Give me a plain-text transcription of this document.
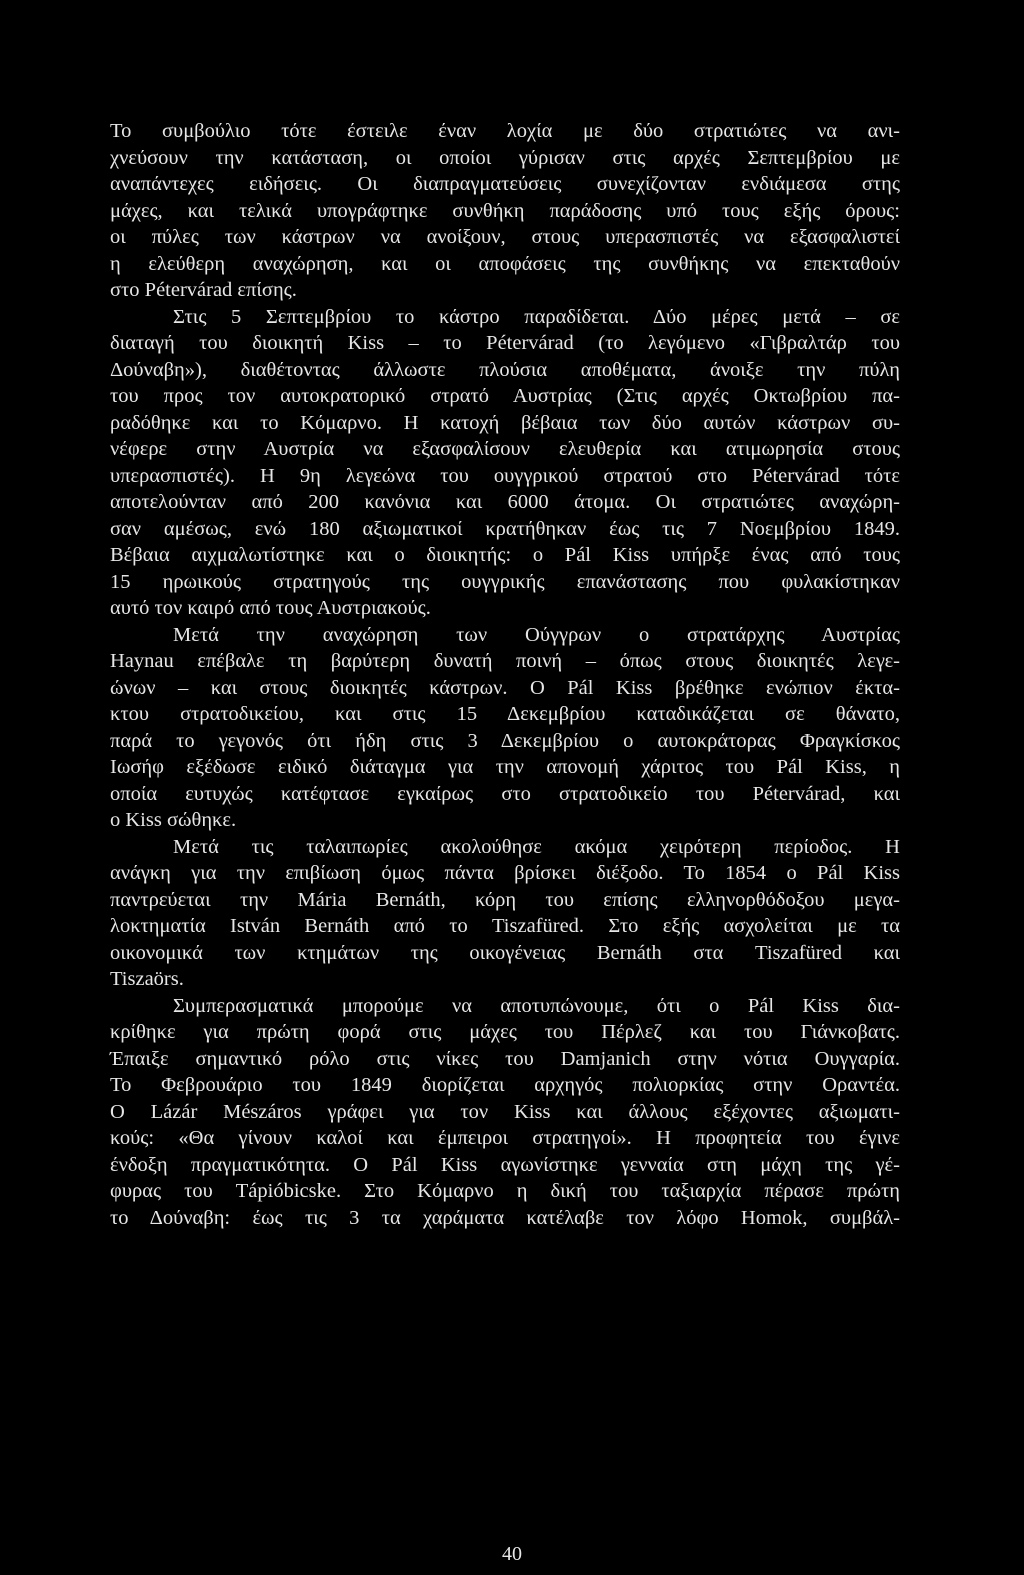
Το συμβούλιο τότε έστειλε έναν λοχία με δύο στρατιώτες να ανι-
χνεύσουν την κατάσταση, οι οποίοι γύρισαν στις αρχές Σεπτεμβρίου με
αναπάντεχες ειδήσεις. Οι διαπραγματεύσεις συνεχίζονταν ενδιάμεσα στης
μάχες, και τελικά υπογράφτηκε συνθήκη παράδοσης υπό τους εξής όρους:
οι πύλες των κάστρων να ανοίξουν, στους υπερασπιστές να εξασφαλιστεί
η ελεύθερη αναχώρηση, και οι αποφάσεις της συνθήκης να επεκταθούν
στο Pétervárad επίσης.
Στις 5 Σεπτεμβρίου το κάστρο παραδίδεται. Δύο μέρες μετά – σε
διαταγή του διοικητή Kiss – το Pétervárad (το λεγόμενο «Γιβραλτάρ του
Δούναβη»), διαθέτοντας άλλωστε πλούσια αποθέματα, άνοιξε την πύλη
του προς τον αυτοκρατορικό στρατό Αυστρίας (Στις αρχές Οκτωβρίου πα-
ραδόθηκε και το Κόμαρνο. Η κατοχή βέβαια των δύο αυτών κάστρων συ-
νέφερε στην Αυστρία να εξασφαλίσουν ελευθερία και ατιμωρησία στους
υπερασπιστές). Η 9η λεγεώνα του ουγγρικού στρατού στο Pétervárad τότε
αποτελούνταν από 200 κανόνια και 6000 άτομα. Οι στρατιώτες αναχώρη-
σαν αμέσως, ενώ 180 αξιωματικοί κρατήθηκαν έως τις 7 Νοεμβρίου 1849.
Βέβαια αιχμαλωτίστηκε και ο διοικητής: ο Pál Kiss υπήρξε ένας από τους
15 ηρωικούς στρατηγούς της ουγγρικής επανάστασης που φυλακίστηκαν
αυτό τον καιρό από τους Αυστριακούς.
Μετά την αναχώρηση των Ούγγρων ο στρατάρχης Αυστρίας
Haynau επέβαλε τη βαρύτερη δυνατή ποινή – όπως στους διοικητές λεγε-
ώνων – και στους διοικητές κάστρων. Ο Pál Kiss βρέθηκε ενώπιον έκτα-
κτου στρατοδικείου, και στις 15 Δεκεμβρίου καταδικάζεται σε θάνατο,
παρά το γεγονός ότι ήδη στις 3 Δεκεμβρίου ο αυτοκράτορας Φραγκίσκος
Ιωσήφ εξέδωσε ειδικό διάταγμα για την απονομή χάριτος του Pál Kiss, η
οποία ευτυχώς κατέφτασε εγκαίρως στο στρατοδικείο του Pétervárad, και
ο Kiss σώθηκε.
Μετά τις ταλαιπωρίες ακολούθησε ακόμα χειρότερη περίοδος. Η
ανάγκη για την επιβίωση όμως πάντα βρίσκει διέξοδο. Το 1854 ο Pál Kiss
παντρεύεται την Mária Bernáth, κόρη του επίσης ελληνορθόδοξου μεγα-
λοκτηματία István Bernáth από το Tiszafüred. Στο εξής ασχολείται με τα
οικονομικά των κτημάτων της οικογένειας Bernáth στα Tiszafüred και
Tiszaörs.
Συμπερασματικά μπορούμε να αποτυπώνουμε, ότι ο Pál Kiss δια-
κρίθηκε για πρώτη φορά στις μάχες του Πέρλεζ και του Γιάνκοβατς.
Έπαιξε σημαντικό ρόλο στις νίκες του Damjanich στην νότια Ουγγαρία.
Το Φεβρουάριο του 1849 διορίζεται αρχηγός πολιορκίας στην Οραντέα.
Ο Lázár Mészáros γράφει για τον Kiss και άλλους εξέχοντες αξιωματι-
κούς: «Θα γίνουν καλοί και έμπειροι στρατηγοί». Η προφητεία του έγινε
ένδοξη πραγματικότητα. Ο Pál Kiss αγωνίστηκε γενναία στη μάχη της γέ-
φυρας του Tápióbicske. Στο Κόμαρνο η δική του ταξιαρχία πέρασε πρώτη
το Δούναβη: έως τις 3 τα χαράματα κατέλαβε τον λόφο Homok, συμβάλ-
40
